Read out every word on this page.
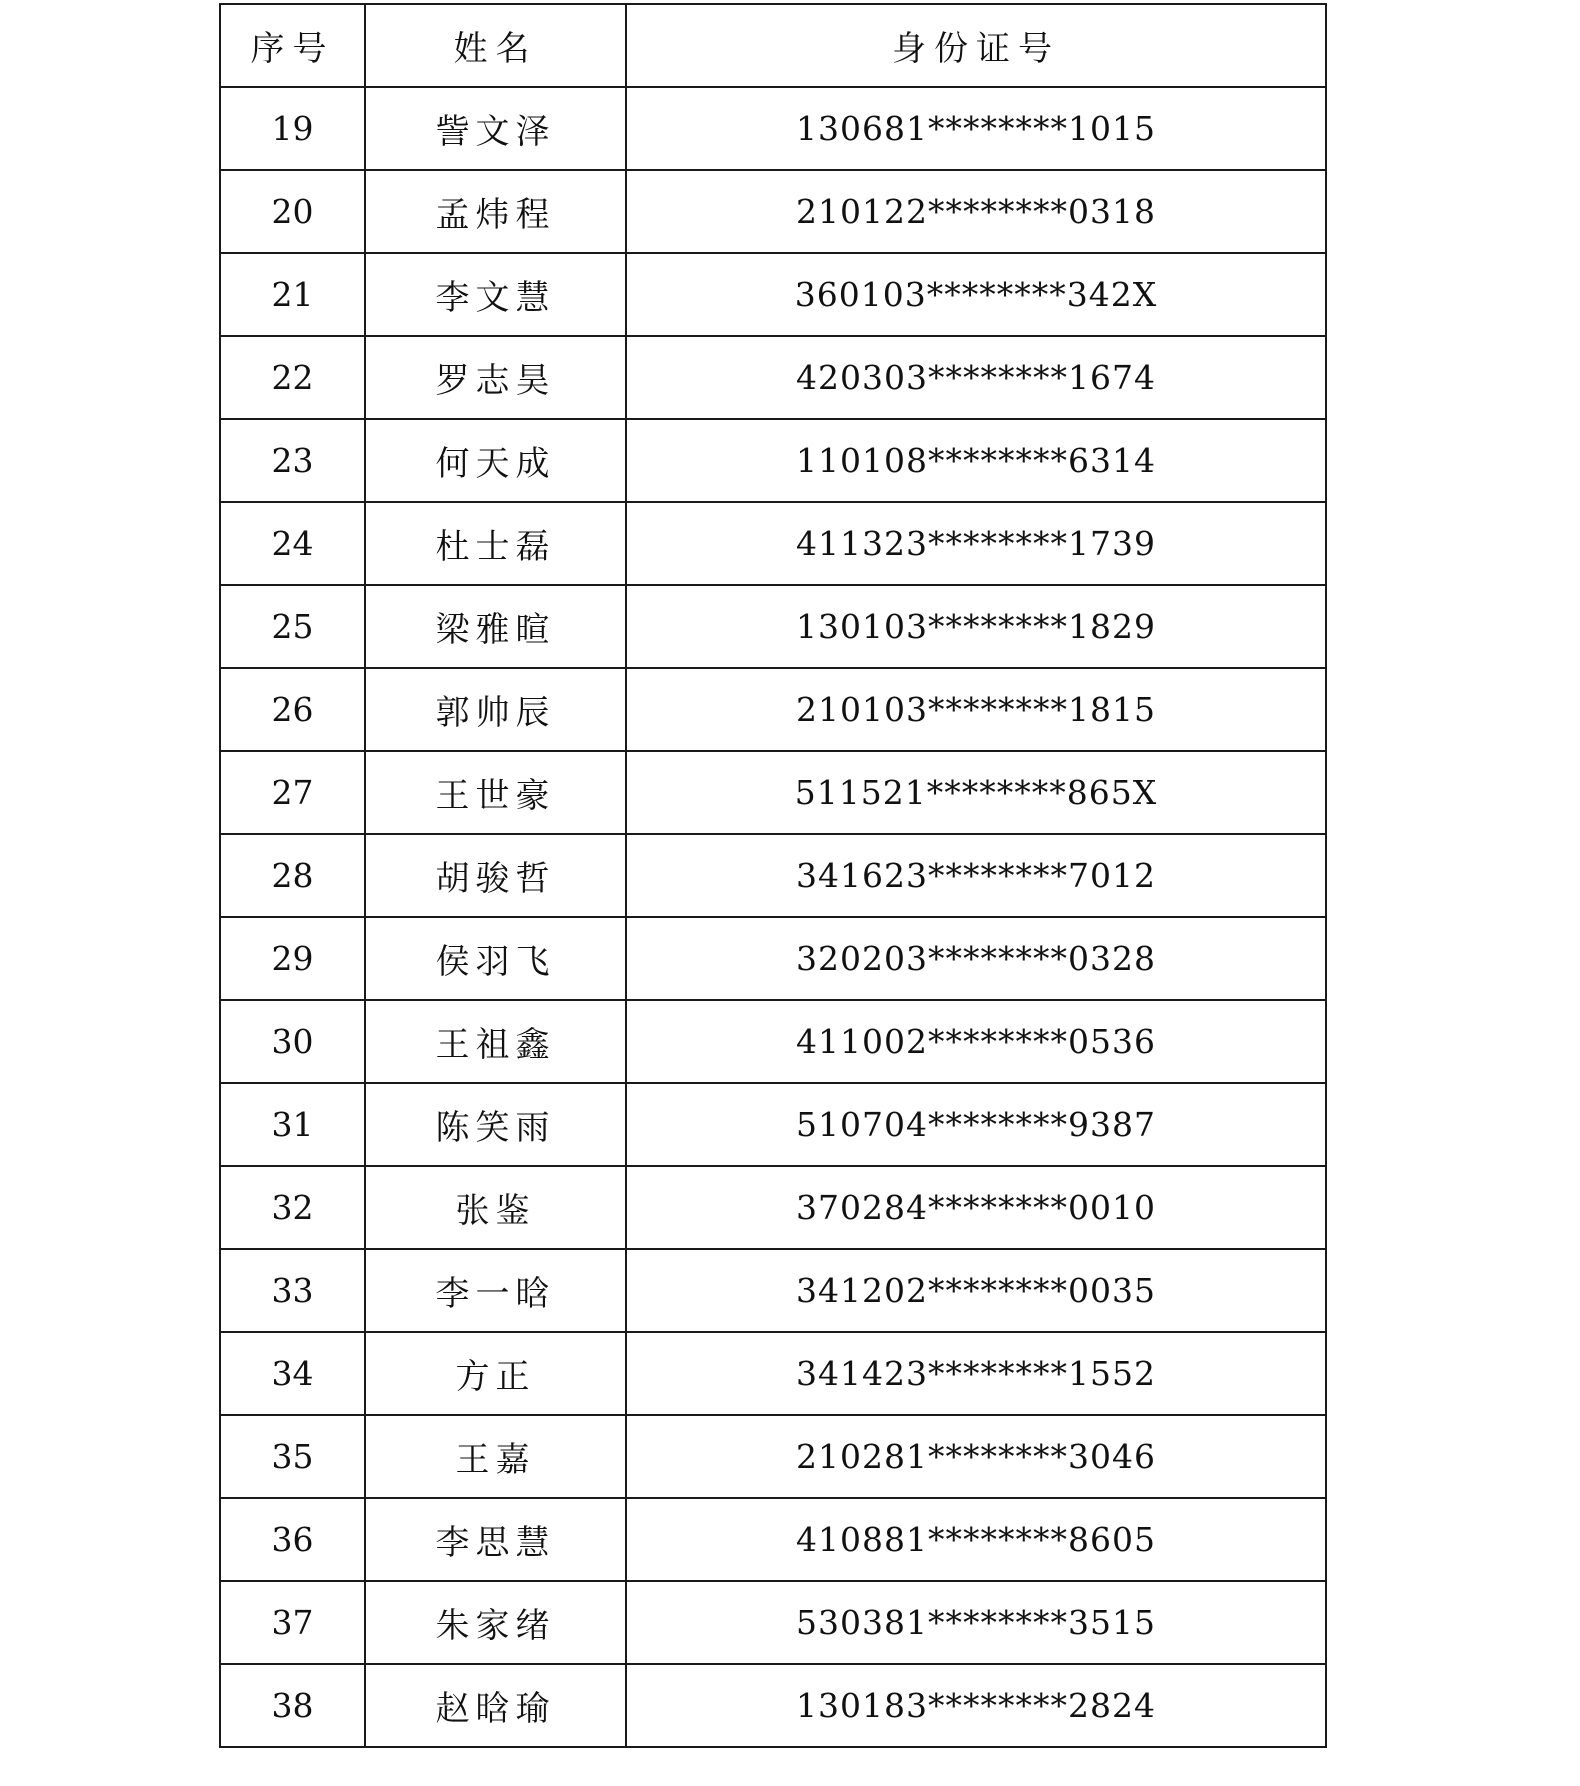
序号	姓名	身份证号
19	訾文泽	130681********1015
20	孟炜程	210122********0318
21	李文慧	360103********342X
22	罗志昊	420303********1674
23	何天成	110108********6314
24	杜士磊	411323********1739
25	梁雅暄	130103********1829
26	郭帅辰	210103********1815
27	王世豪	511521********865X
28	胡骏哲	341623********7012
29	侯羽飞	320203********0328
30	王祖鑫	411002********0536
31	陈笑雨	510704********9387
32	张鉴	370284********0010
33	李一晗	341202********0035
34	方正	341423********1552
35	王嘉	210281********3046
36	李思慧	410881********8605
37	朱家绪	530381********3515
38	赵晗瑜	130183********2824
